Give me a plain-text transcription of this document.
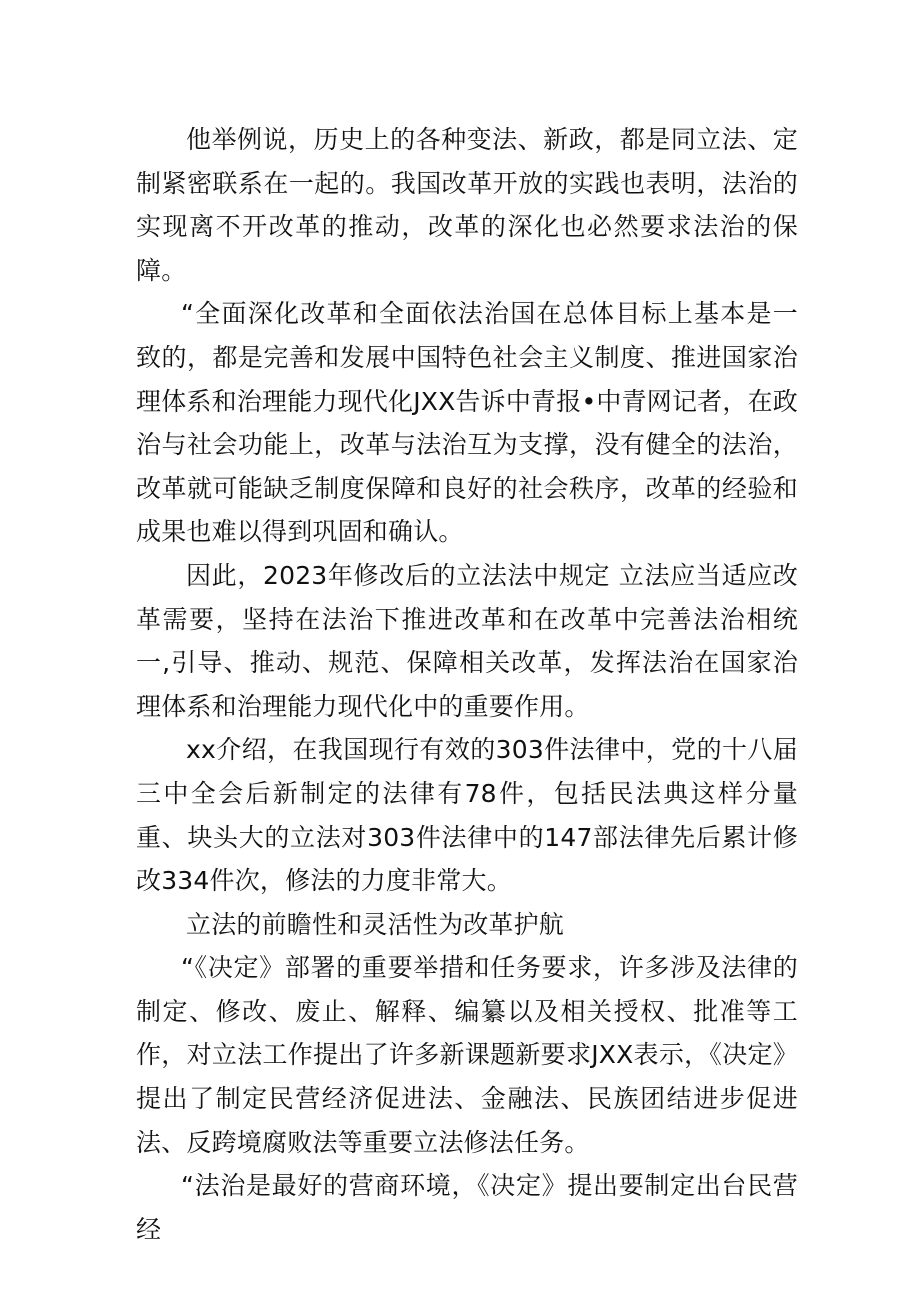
他举例说，历史上的各种变法、新政，都是同立法、定制紧密联系在一起的。我国改革开放的实践也表明，法治的实现离不开改革的推动，改革的深化也必然要求法治的保障。

“全面深化改革和全面依法治国在总体目标上基本是一致的，都是完善和发展中国特色社会主义制度、推进国家治理体系和治理能力现代化JXX告诉中青报•中青网记者，在政治与社会功能上，改革与法治互为支撑，没有健全的法治，改革就可能缺乏制度保障和良好的社会秩序，改革的经验和成果也难以得到巩固和确认。

因此，2023年修改后的立法法中规定 立法应当适应改革需要，坚持在法治下推进改革和在改革中完善法治相统一,引导、推动、规范、保障相关改革，发挥法治在国家治理体系和治理能力现代化中的重要作用。

xx介绍，在我国现行有效的303件法律中，党的十八届三中全会后新制定的法律有78件，包括民法典这样分量重、块头大的立法对303件法律中的147部法律先后累计修改334件次，修法的力度非常大。

立法的前瞻性和灵活性为改革护航

“《决定》部署的重要举措和任务要求，许多涉及法律的制定、修改、废止、解释、编纂以及相关授权、批准等工作，对立法工作提出了许多新课题新要求JXX表示，《决定》提出了制定民营经济促进法、金融法、民族团结进步促进法、反跨境腐败法等重要立法修法任务。

“法治是最好的营商环境，《决定》提出要制定出台民营经
